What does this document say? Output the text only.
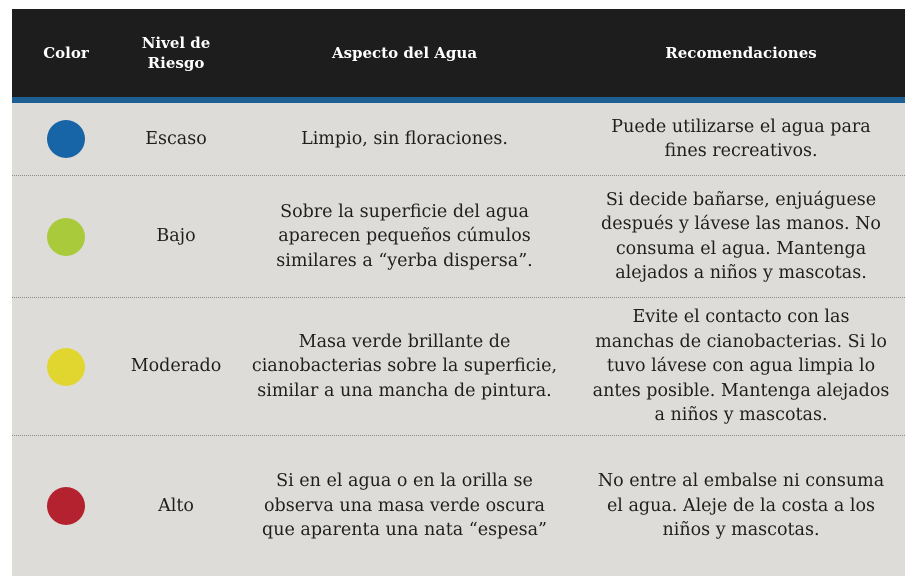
Color
Nivel de Riesgo
Aspecto del Agua	Recomendaciones
Escaso	Limpio, sin floraciones.
Puede utilizarse el agua para fines recreativos.
Bajo
Sobre la superficie del agua aparecen pequeños cúmulos similares a “yerba dispersa”.
Si decide bañarse, enjuáguese después y lávese las manos. No consuma el agua. Mantenga alejados a niños y mascotas.
Moderado
Masa verde brillante de cianobacterias sobre la superficie, similar a una mancha de pintura.
Evite el contacto con las manchas de cianobacterias. Si lo tuvo lávese con agua limpia lo antes posible. Mantenga alejados a niños y mascotas.
Alto
Si en el agua o en la orilla se observa una masa verde oscura que aparenta una nata “espesa”
No entre al embalse ni consuma el agua. Aleje de la costa a los niños y mascotas.
